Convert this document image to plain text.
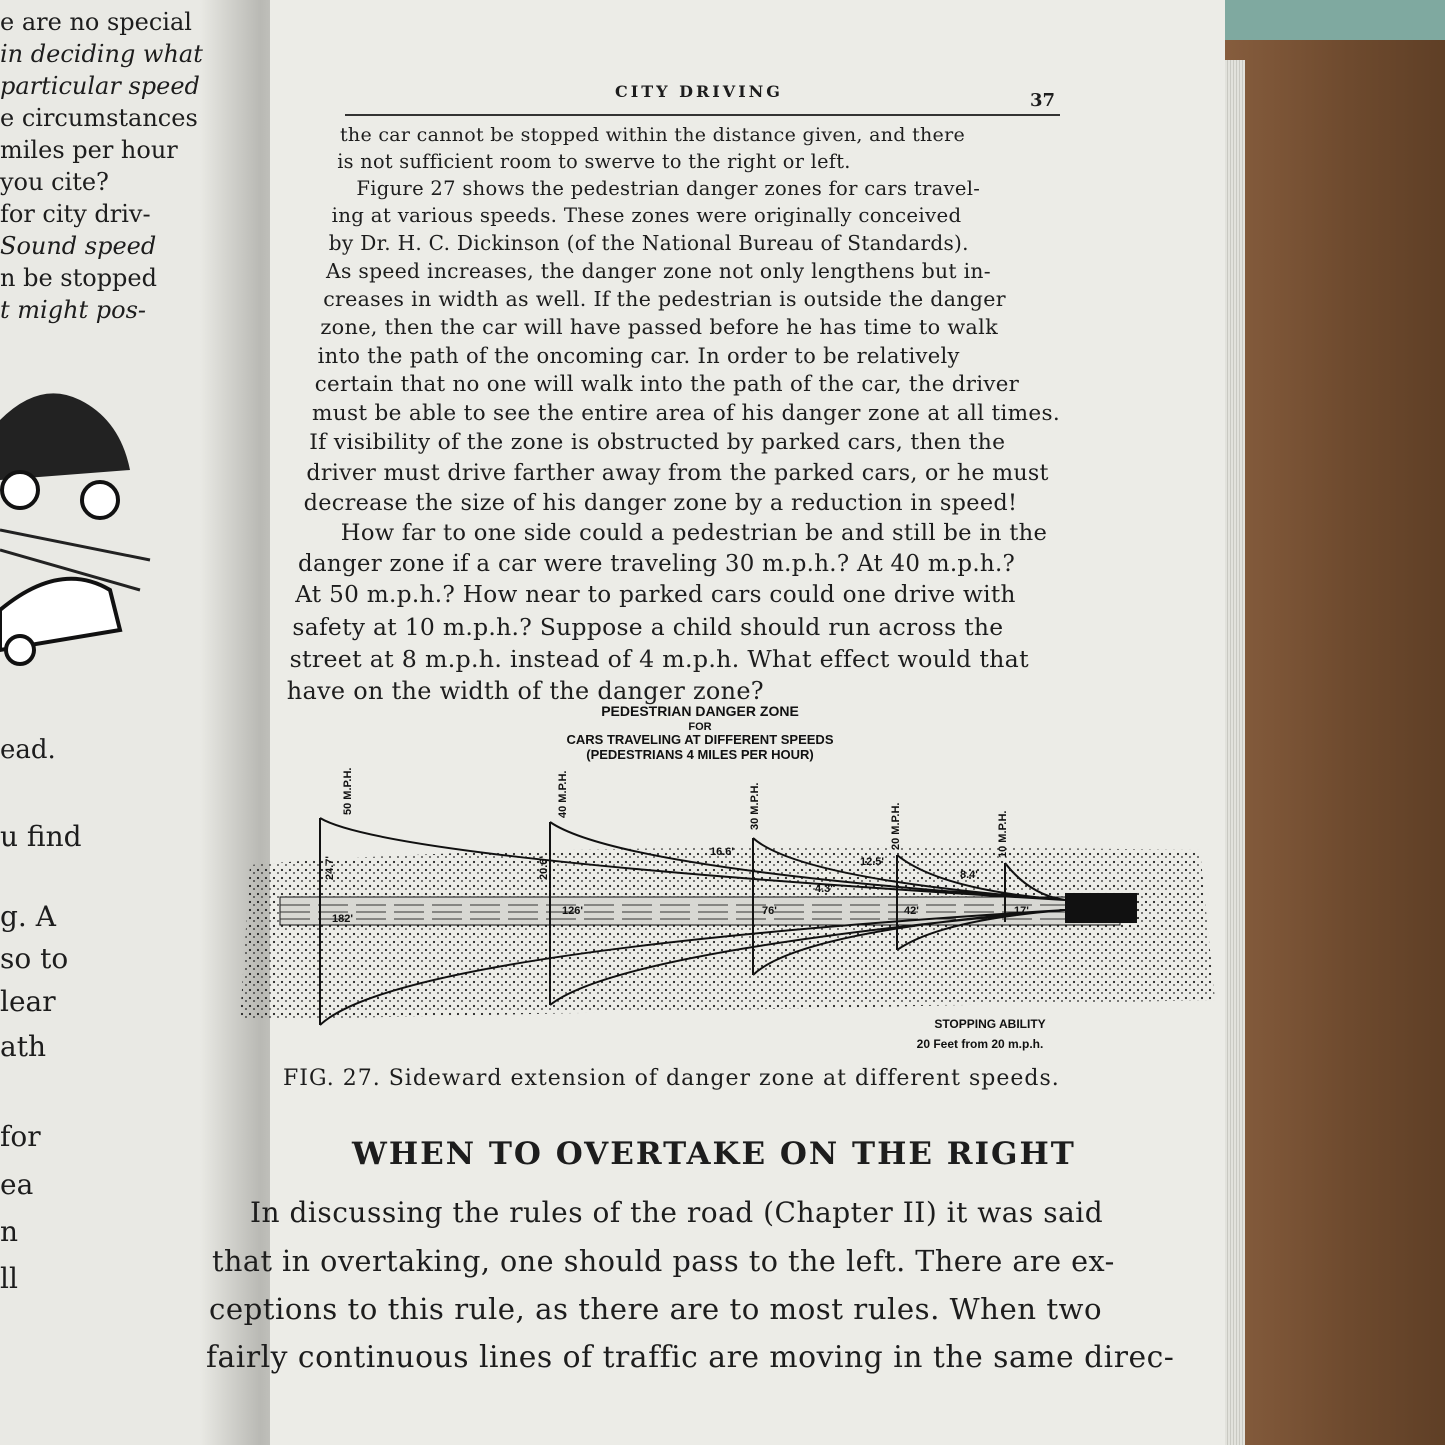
e are no special
in deciding what
particular speed
e circumstances
miles per hour
you cite?
for city driv-
Sound speed
n be stopped
t might pos-
ead.
u find
g. A
so to
lear
ath
for
ea
n
ll
CITY DRIVING	37
the car cannot be stopped within the distance given, and there
is not sufficient room to swerve to the right or left.
Figure 27 shows the pedestrian danger zones for cars travel-
ing at various speeds. These zones were originally conceived
by Dr. H. C. Dickinson (of the National Bureau of Standards).
As speed increases, the danger zone not only lengthens but in-
creases in width as well. If the pedestrian is outside the danger
zone, then the car will have passed before he has time to walk
into the path of the oncoming car. In order to be relatively
certain that no one will walk into the path of the car, the driver
must be able to see the entire area of his danger zone at all times.
If visibility of the zone is obstructed by parked cars, then the
driver must drive farther away from the parked cars, or he must
decrease the size of his danger zone by a reduction in speed!
How far to one side could a pedestrian be and still be in the
danger zone if a car were traveling 30 m.p.h.? At 40 m.p.h.?
At 50 m.p.h.? How near to parked cars could one drive with
safety at 10 m.p.h.? Suppose a child should run across the
street at 8 m.p.h. instead of 4 m.p.h. What effect would that
have on the width of the danger zone?
PEDESTRIAN DANGER ZONE
FOR
CARS TRAVELING AT DIFFERENT SPEEDS
(PEDESTRIANS 4 MILES PER HOUR)
50 M.P.H.	40 M.P.H.	30 M.P.H.	20 M.P.H.	10 M.P.H.
24.7'	20.6'
16.6'
12.5'
8.4'
4.3'
182'
126'	76'	42'	17'
STOPPING ABILITY
20 Feet from 20 m.p.h.
FIG. 27. Sideward extension of danger zone at different speeds.
WHEN TO OVERTAKE ON THE RIGHT
In discussing the rules of the road (Chapter II) it was said
that in overtaking, one should pass to the left. There are ex-
ceptions to this rule, as there are to most rules. When two
fairly continuous lines of traffic are moving in the same direc-
